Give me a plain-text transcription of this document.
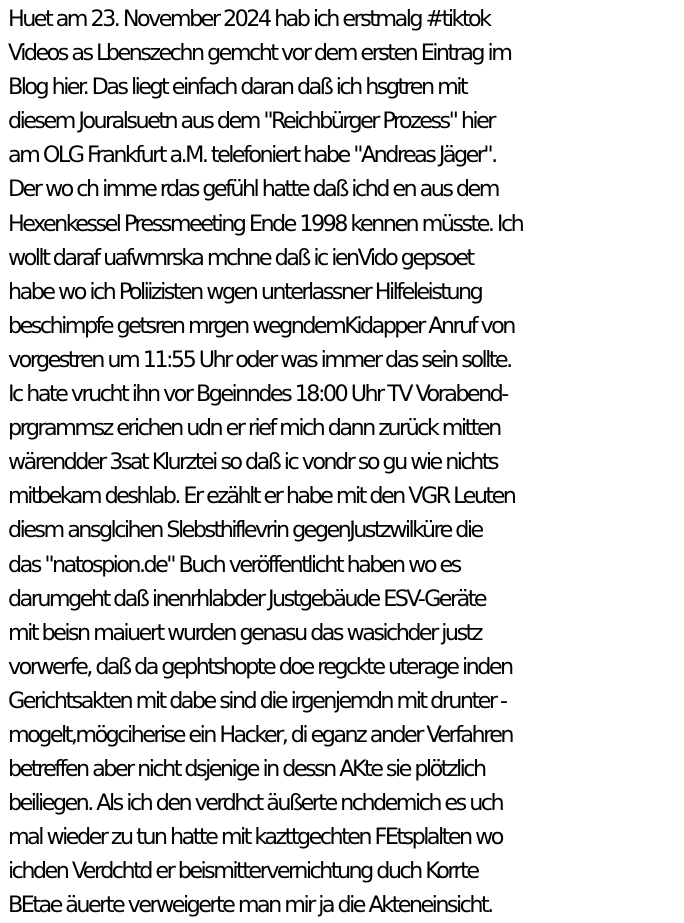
Huet am 23. November 2024 hab ich erstmalg #tiktok
Videos as Lbenszechn gemcht vor dem ersten Eintrag im
Blog hier. Das liegt einfach daran daß ich hsgtren mit
diesem Jouralsuetn aus dem "Reichbürger Prozess" hier
am OLG Frankfurt a.M. telefoniert habe "Andreas Jäger".
Der wo ch imme rdas gefühl hatte daß ichd en aus dem
Hexenkessel Pressmeeting Ende 1998 kennen müsste. Ich
wollt daraf uafwmrska mchne daß ic ienVido gepsoet
habe wo ich Poliizisten wgen unterlassner Hilfeleistung
beschimpfe getsren mrgen wegndemKidapper Anruf von
vorgestren um 11:55 Uhr oder was immer das sein sollte.
Ic hate vrucht ihn vor Bgeinndes 18:00 Uhr TV Vorabend-
prgrammsz erichen udn er rief mich dann zurück mitten
wärendder 3sat Klurztei so daß ic vondr so gu wie nichts
mitbekam deshlab. Er ezählt er habe mit den VGR Leuten
diesm ansglcihen Slebsthiflevrin gegenJustzwilküre die
das "natospion.de" Buch veröffentlicht haben wo es
darumgeht daß inenrhlabder Justgebäude ESV-Geräte
mit beisn maiuert wurden genasu das wasichder justz
vorwerfe, daß da gephtshopte doe regckte uterage inden
Gerichtsakten mit dabe sind die irgenjemdn mit drunter -
mogelt,mögciherise ein Hacker, di eganz ander Verfahren
betreffen aber nicht dsjenige in dessn AKte sie plötzlich
beiliegen. Als ich den verdhct äußerte nchdemich es uch
mal wieder zu tun hatte mit kazttgechten FEtsplalten wo
ichden Verdchtd er beismittervernichtung duch Korrte
BEtae äuerte verweigerte man mir ja die Akteneinsicht.
